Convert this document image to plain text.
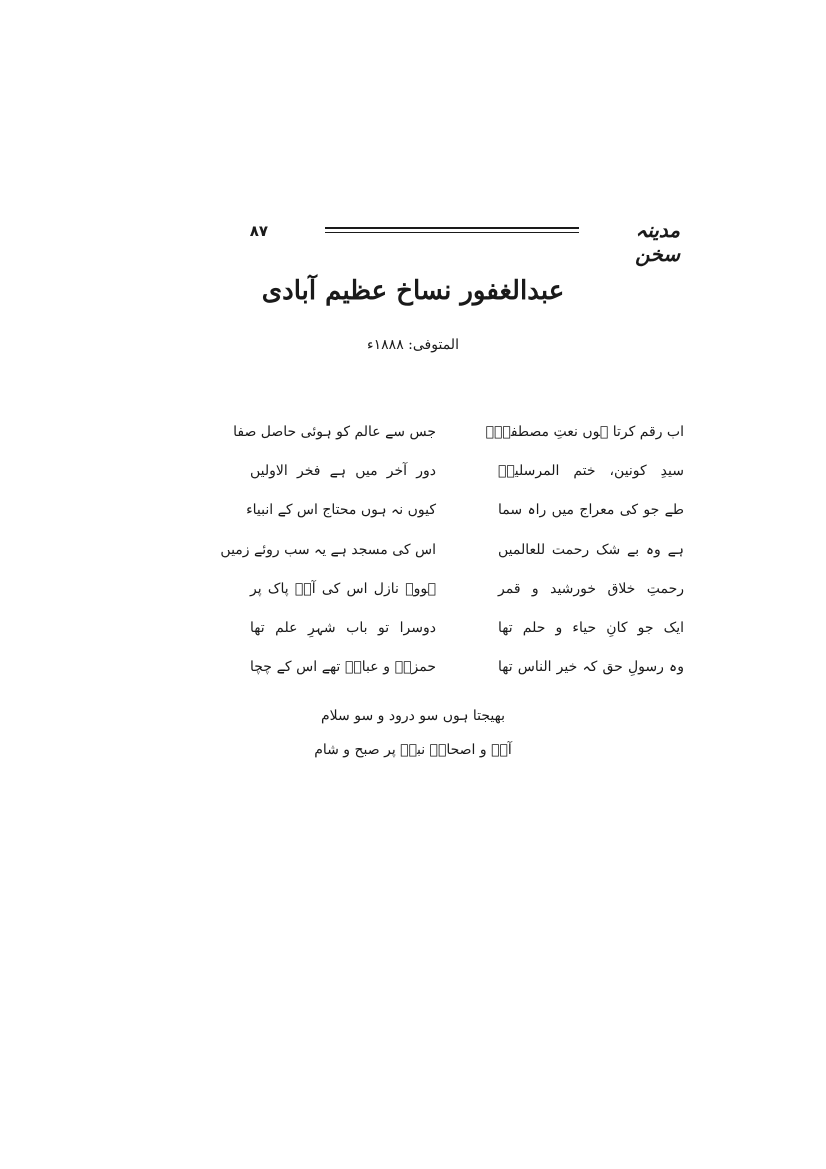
مدینہ سخن
۸۷
عبدالغفور نساخ عظیم آبادی
المتوفی: ۱۸۸۸ء
اب رقم کرتا ہوں نعتِ مصطفیٰؐ
جس سے عالم کو ہوئی حاصل صفا
سیدِ کونین، ختم المرسلینؐ
دور آخر میں ہے فخر الاولیں
طے جو کی معراج میں راہ سما
کیوں نہ ہوں محتاج اس کے انبیاء
ہے وہ بے شک رحمت للعالمیں
اس کی مسجد ہے یہ سب روئے زمیں
رحمتِ خلاق خورشید و قمر
ہووے نازل اس کی آلؓ پاک پر
ایک جو کانِ حیاء و حلم تھا
دوسرا تو باب شہرِ علم تھا
وہ رسولِ حق کہ خیر الناس تھا
حمزہؓ و عباسؓ تھے اس کے چچا
بھیجتا ہوں سو درود و سو سلام
آلؓ و اصحابؓ نبیؐ پر صبح و شام
